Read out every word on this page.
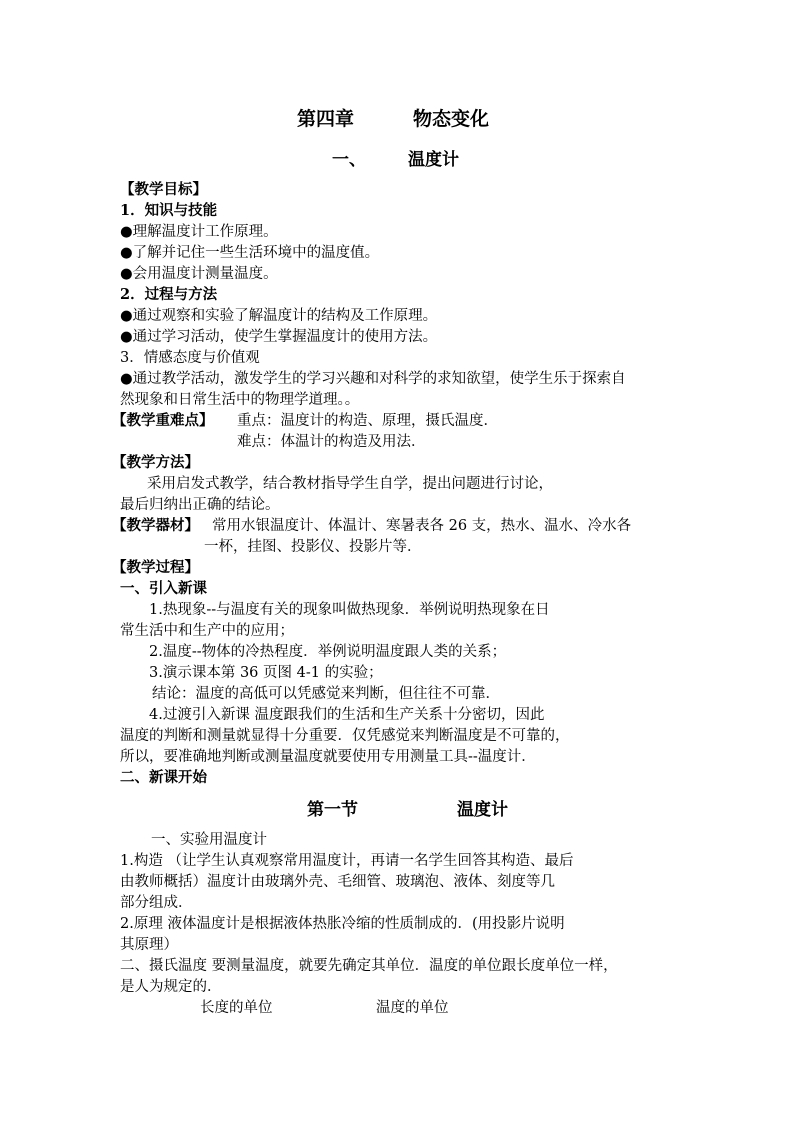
第四章	物态变化
一、 温度计
【教学目标】
1．知识与技能
●理解温度计工作原理。
●了解并记住一些生活环境中的温度值。
●会用温度计测量温度。
2．过程与方法
●通过观察和实验了解温度计的结构及工作原理。
●通过学习活动，使学生掌握温度计的使用方法。
3．情感态度与价值观
●通过教学活动，激发学生的学习兴趣和对科学的求知欲望，使学生乐于探索自
然现象和日常生活中的物理学道理。。
【教学重难点】 重点：温度计的构造、原理，摄氏温度．
难点：体温计的构造及用法．
【教学方法】
采用启发式教学，结合教材指导学生自学，提出问题进行讨论，
最后归纳出正确的结论。
【教学器材】 常用水银温度计、体温计、寒暑表各 26 支，热水、温水、冷水各
一杯，挂图、投影仪、投影片等．
【教学过程】
一、引入新课
1.热现象--与温度有关的现象叫做热现象．举例说明热现象在日
常生活中和生产中的应用；
2.温度--物体的冷热程度．举例说明温度跟人类的关系；
3.演示课本第 36 页图 4-1 的实验；
结论：温度的高低可以凭感觉来判断，但往往不可靠．
4.过渡引入新课 温度跟我们的生活和生产关系十分密切，因此
温度的判断和测量就显得十分重要．仅凭感觉来判断温度是不可靠的，
所以，要准确地判断或测量温度就要使用专用测量工具--温度计．
二、新课开始
第一节	温度计
一、实验用温度计
1.构造 （让学生认真观察常用温度计，再请一名学生回答其构造、最后
由教师概括）温度计由玻璃外壳、毛细管、玻璃泡、液体、刻度等几
部分组成．
2.原理 液体温度计是根据液体热胀冷缩的性质制成的．(用投影片说明
其原理）
二、摄氏温度 要测量温度，就要先确定其单位．温度的单位跟长度单位一样，
是人为规定的．
长度的单位	温度的单位
